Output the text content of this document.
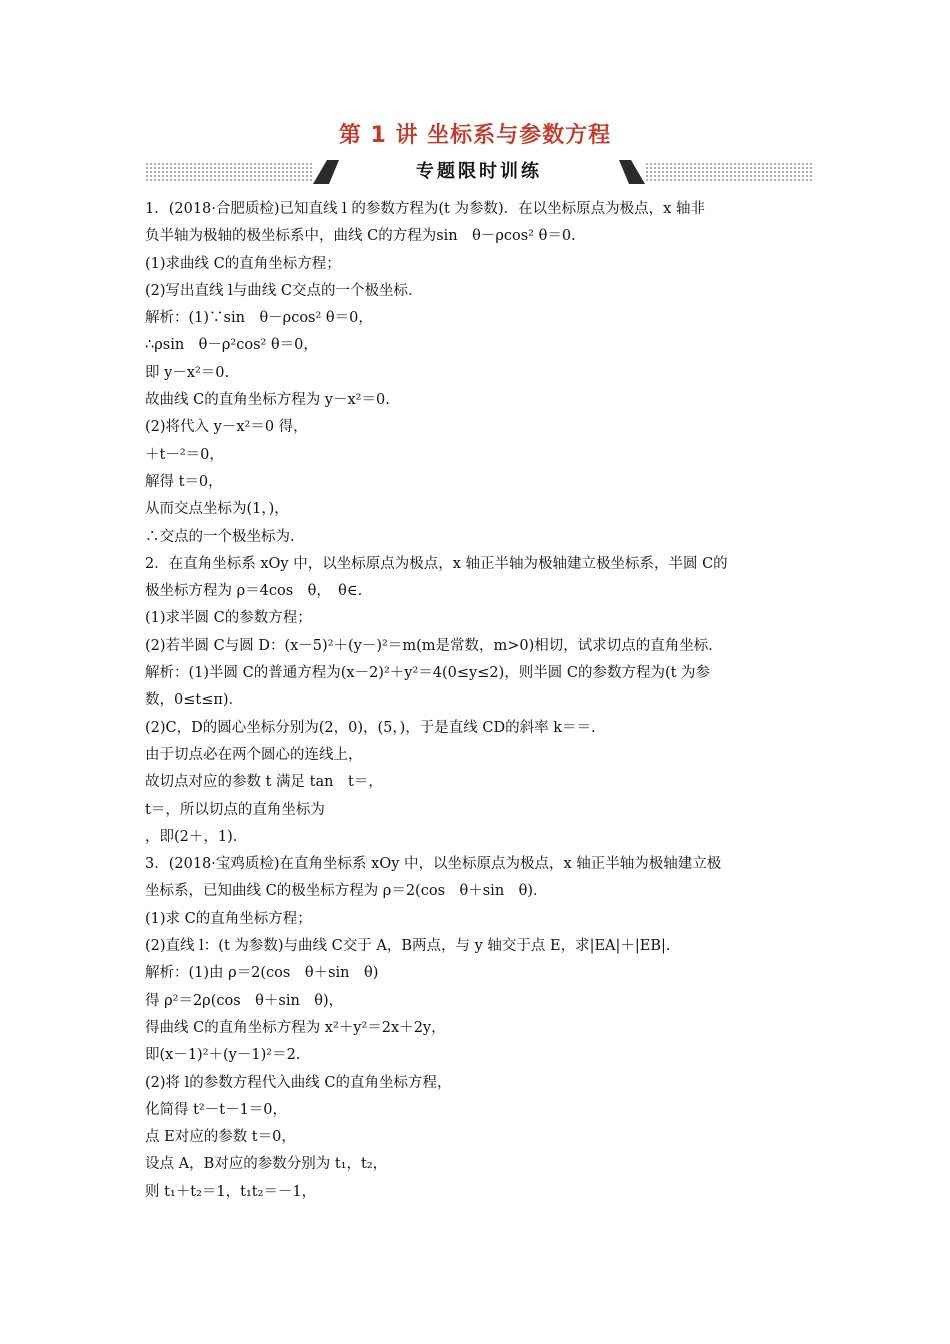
第 1 讲 坐标系与参数方程
专题限时训练
1．(2018·合肥质检)已知直线 l 的参数方程为(t 为参数)．在以坐标原点为极点，x 轴非
负半轴为极轴的极坐标系中，曲线 C的方程为sin　θ－ρcos² θ＝0.
(1)求曲线 C的直角坐标方程；
(2)写出直线 l与曲线 C交点的一个极坐标．
解析：(1)∵sin　θ－ρcos² θ＝0，
∴ρsin　θ－ρ²cos² θ＝0，
即 y－x²＝0.
故曲线 C的直角坐标方程为 y－x²＝0.
(2)将代入 y－x²＝0 得，
＋t－²＝0，
解得 t＝0，
从而交点坐标为(1，)，
∴交点的一个极坐标为.
2．在直角坐标系 xOy 中，以坐标原点为极点，x 轴正半轴为极轴建立极坐标系，半圆 C的
极坐标方程为 ρ＝4cos　θ，　θ∈.
(1)求半圆 C的参数方程；
(2)若半圆 C与圆 D：(x－5)²＋(y－)²＝m(m是常数，m>0)相切，试求切点的直角坐标．
解析：(1)半圆 C的普通方程为(x－2)²＋y²＝4(0≤y≤2)，则半圆 C的参数方程为(t 为参
数，0≤t≤π)．
(2)C，D的圆心坐标分别为(2，0)，(5，)，于是直线 CD的斜率 k＝＝.
由于切点必在两个圆心的连线上，
故切点对应的参数 t 满足 tan　t＝，
t＝，所以切点的直角坐标为
，即(2＋，1)．
3．(2018·宝鸡质检)在直角坐标系 xOy 中，以坐标原点为极点，x 轴正半轴为极轴建立极
坐标系，已知曲线 C的极坐标方程为 ρ＝2(cos　θ＋sin　θ)．
(1)求 C的直角坐标方程；
(2)直线 l：(t 为参数)与曲线 C交于 A，B两点，与 y 轴交于点 E，求|EA|＋|EB|.
解析：(1)由 ρ＝2(cos　θ＋sin　θ)
得 ρ²＝2ρ(cos　θ＋sin　θ)，
得曲线 C的直角坐标方程为 x²＋y²＝2x＋2y，
即(x－1)²＋(y－1)²＝2.
(2)将 l的参数方程代入曲线 C的直角坐标方程，
化简得 t²－t－1＝0，
点 E对应的参数 t＝0，
设点 A，B对应的参数分别为 t₁，t₂，
则 t₁＋t₂＝1，t₁t₂＝－1，
